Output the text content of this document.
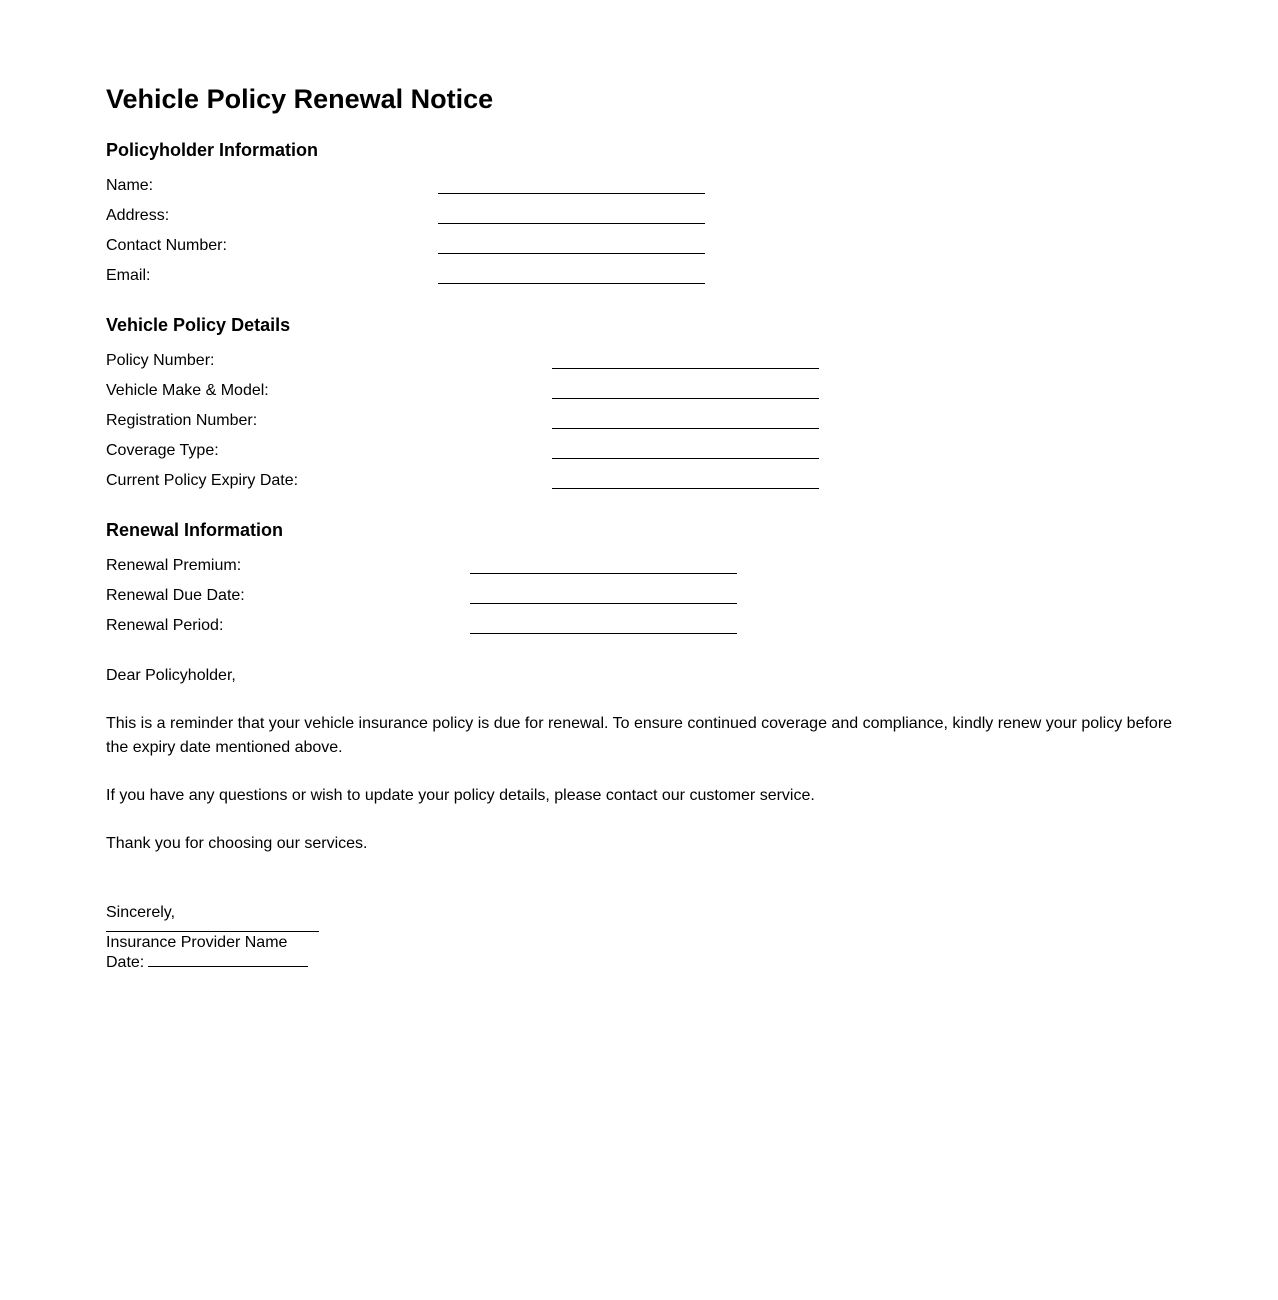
Vehicle Policy Renewal Notice
Policyholder Information
Name:
Address:
Contact Number:
Email:
Vehicle Policy Details
Policy Number:
Vehicle Make & Model:
Registration Number:
Coverage Type:
Current Policy Expiry Date:
Renewal Information
Renewal Premium:
Renewal Due Date:
Renewal Period:
Dear Policyholder,
This is a reminder that your vehicle insurance policy is due for renewal. To ensure continued coverage and compliance, kindly renew your policy before the expiry date mentioned above.
If you have any questions or wish to update your policy details, please contact our customer service.
Thank you for choosing our services.
Sincerely,
Insurance Provider Name
Date:
